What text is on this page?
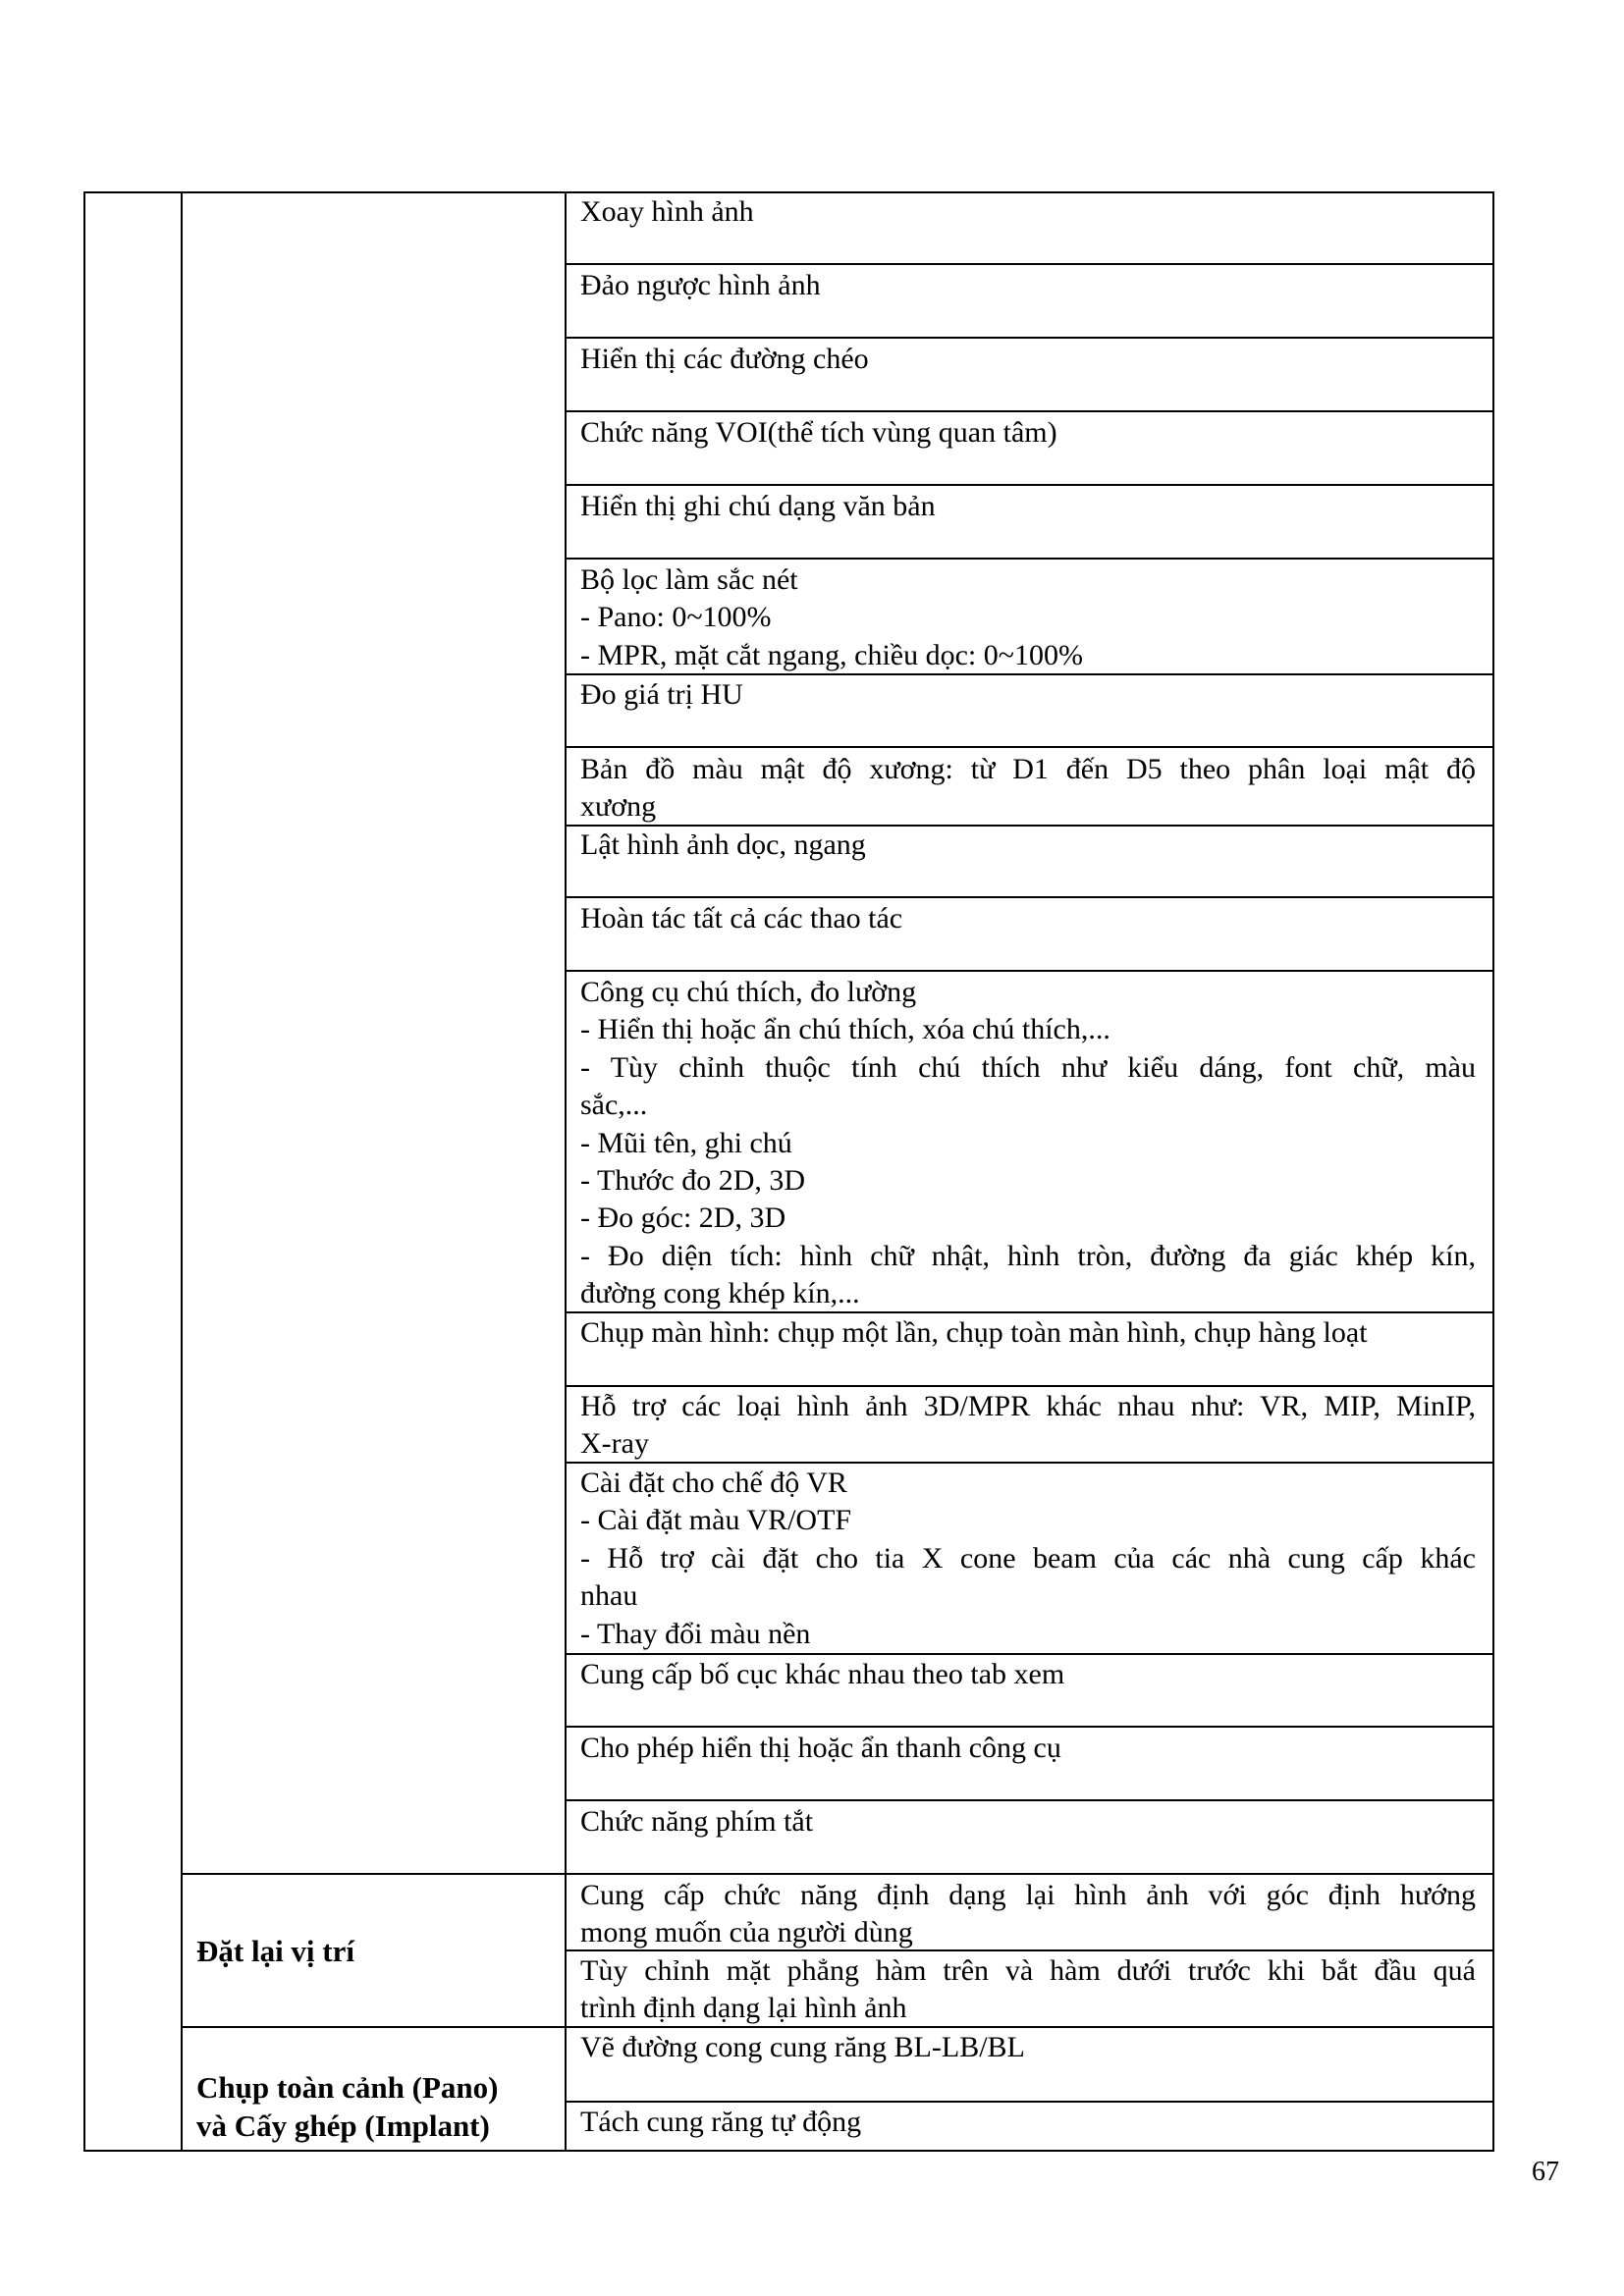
Xoay hình ảnh

Đảo ngược hình ảnh

Hiển thị các đường chéo

Chức năng VOI(thể tích vùng quan tâm)

Hiển thị ghi chú dạng văn bản

Bộ lọc làm sắc nét
- Pano: 0~100%
- MPR, mặt cắt ngang, chiều dọc: 0~100%

Đo giá trị HU

Bản đồ màu mật độ xương: từ D1 đến D5 theo phân loại mật độ
xương

Lật hình ảnh dọc, ngang

Hoàn tác tất cả các thao tác

Công cụ chú thích, đo lường
- Hiển thị hoặc ẩn chú thích, xóa chú thích,...
- Tùy chỉnh thuộc tính chú thích như kiểu dáng, font chữ, màu
sắc,...
- Mũi tên, ghi chú
- Thước đo 2D, 3D
- Đo góc: 2D, 3D
- Đo diện tích: hình chữ nhật, hình tròn, đường đa giác khép kín,
đường cong khép kín,...

Chụp màn hình: chụp một lần, chụp toàn màn hình, chụp hàng loạt

Hỗ trợ các loại hình ảnh 3D/MPR khác nhau như: VR, MIP, MinIP,
X-ray

Cài đặt cho chế độ VR
- Cài đặt màu VR/OTF
- Hỗ trợ cài đặt cho tia X cone beam của các nhà cung cấp khác
nhau
- Thay đổi màu nền

Cung cấp bố cục khác nhau theo tab xem

Cho phép hiển thị hoặc ẩn thanh công cụ

Chức năng phím tắt

Cung cấp chức năng định dạng lại hình ảnh với góc định hướng
mong muốn của người dùng

Tùy chỉnh mặt phẳng hàm trên và hàm dưới trước khi bắt đầu quá
trình định dạng lại hình ảnh

Vẽ đường cong cung răng BL-LB/BL

Tách cung răng tự động

Đặt lại vị trí
Chụp toàn cảnh (Pano)
và Cấy ghép (Implant)
67
